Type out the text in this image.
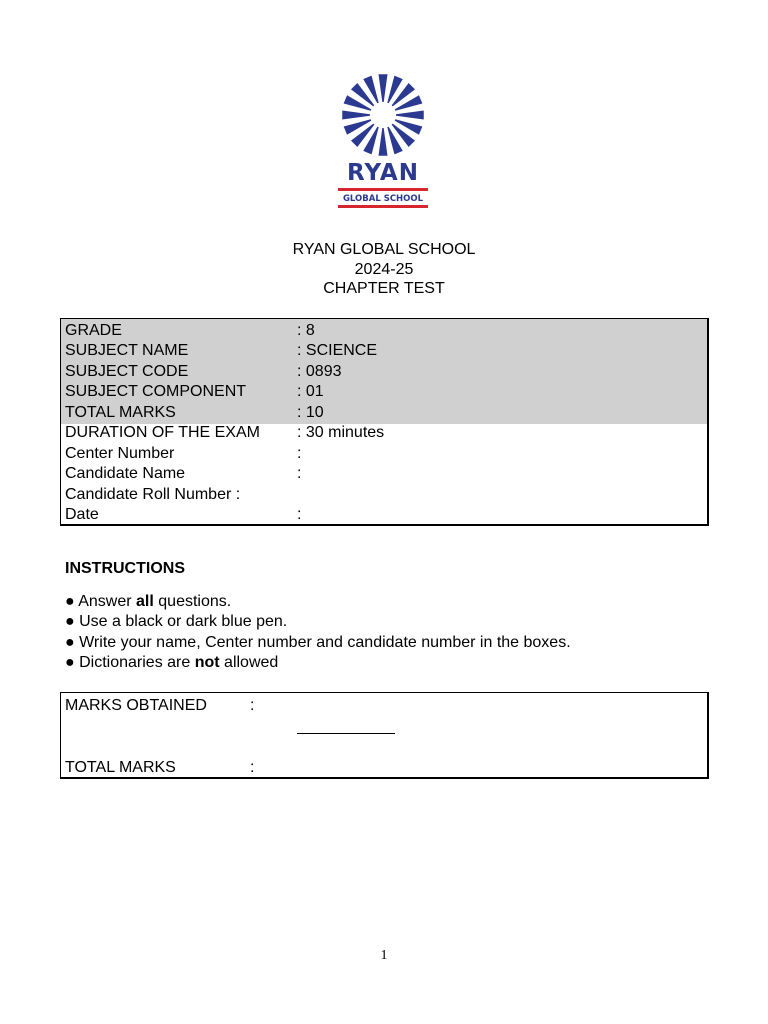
RYAN
GLOBAL SCHOOL
RYAN GLOBAL SCHOOL
2024-25
CHAPTER TEST
GRADE	: 8
SUBJECT NAME	: SCIENCE
SUBJECT CODE	: 0893
SUBJECT COMPONENT	: 01
TOTAL MARKS	: 10
DURATION OF THE EXAM : 30 minutes
Center Number	:
Candidate Name	:
Candidate Roll Number :
Date	:
INSTRUCTIONS
● Answer all questions.
● Use a black or dark blue pen.
● Write your name, Center number and candidate number in the boxes.
● Dictionaries are not allowed
MARKS OBTAINED	:
TOTAL MARKS	:
1
